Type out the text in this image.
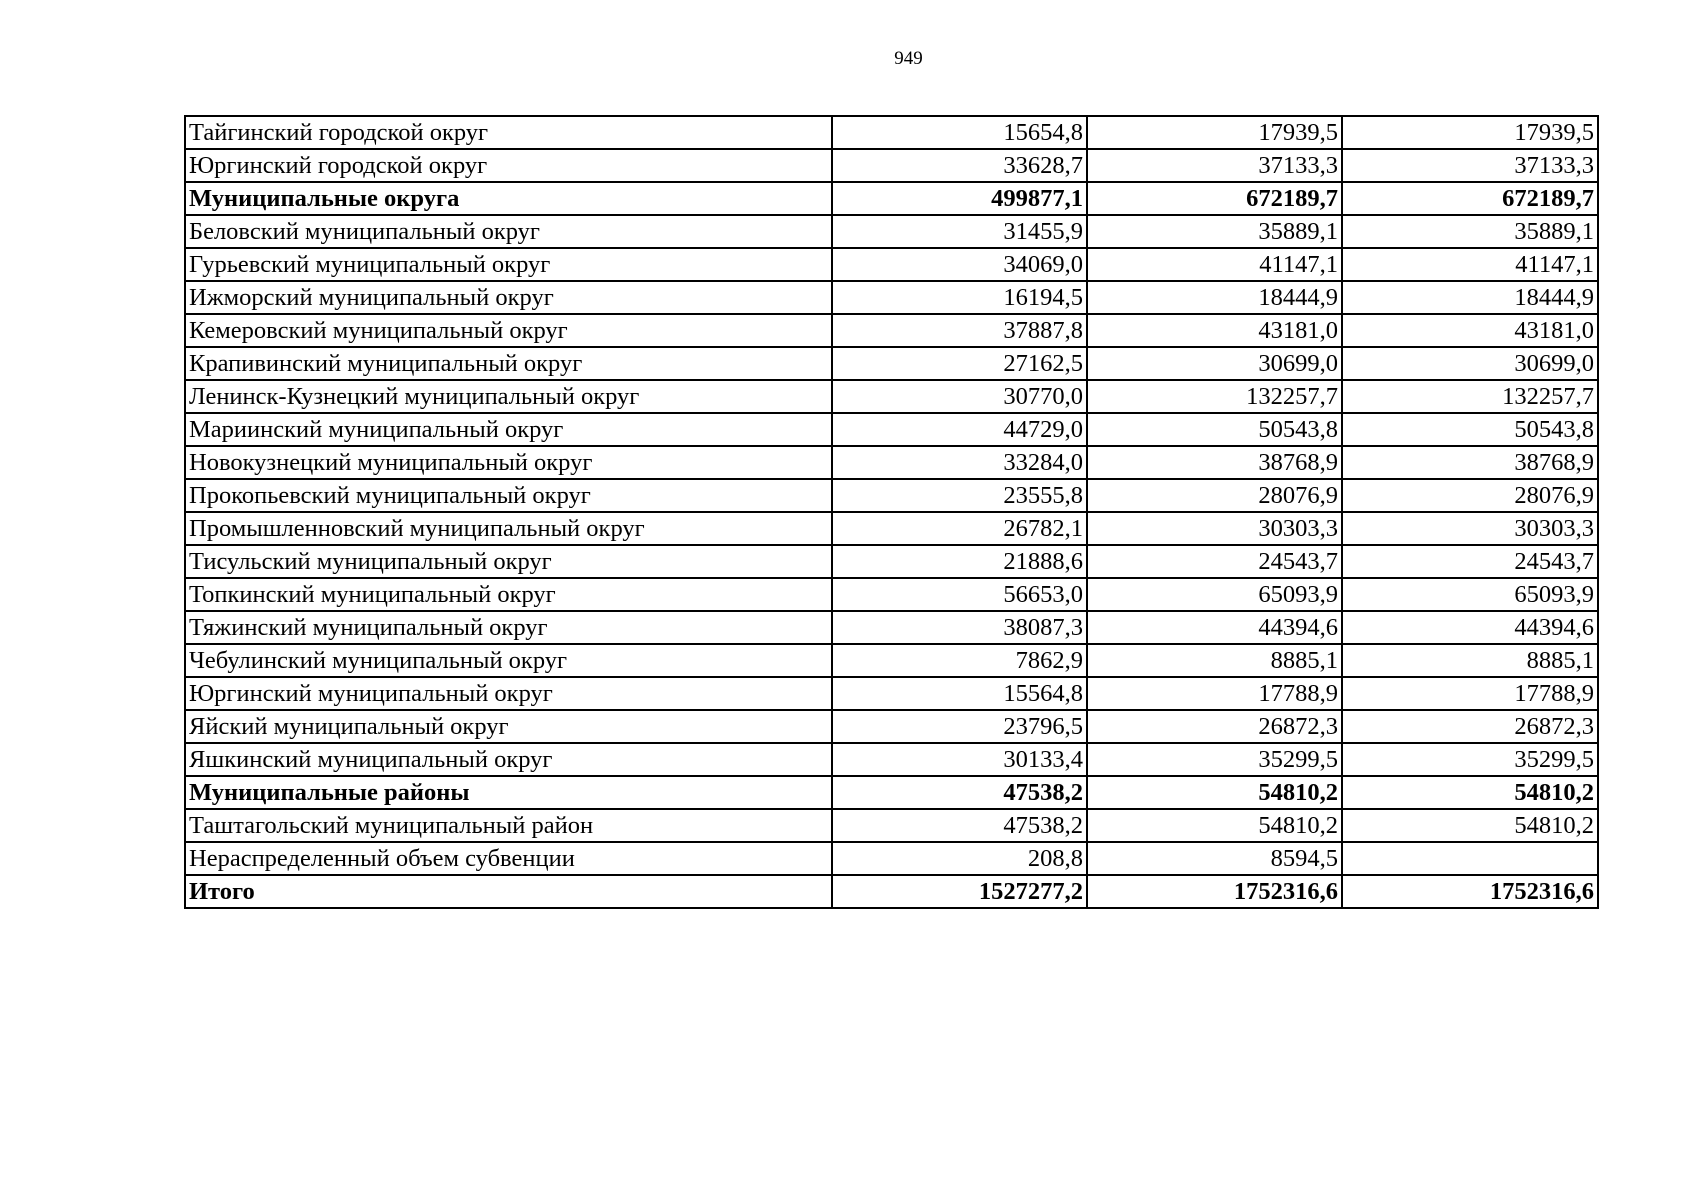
949
Тайгинский городской округ	15654,8	17939,5	17939,5
Юргинский городской округ	33628,7	37133,3	37133,3
Муниципальные округа	499877,1	672189,7	672189,7
Беловский муниципальный округ	31455,9	35889,1	35889,1
Гурьевский муниципальный округ	34069,0	41147,1	41147,1
Ижморский муниципальный округ	16194,5	18444,9	18444,9
Кемеровский муниципальный округ	37887,8	43181,0	43181,0
Крапивинский муниципальный округ	27162,5	30699,0	30699,0
Ленинск-Кузнецкий муниципальный округ	30770,0	132257,7	132257,7
Мариинский муниципальный округ	44729,0	50543,8	50543,8
Новокузнецкий муниципальный округ	33284,0	38768,9	38768,9
Прокопьевский муниципальный округ	23555,8	28076,9	28076,9
Промышленновский муниципальный округ	26782,1	30303,3	30303,3
Тисульский муниципальный округ	21888,6	24543,7	24543,7
Топкинский муниципальный округ	56653,0	65093,9	65093,9
Тяжинский муниципальный округ	38087,3	44394,6	44394,6
Чебулинский муниципальный округ	7862,9	8885,1	8885,1
Юргинский муниципальный округ	15564,8	17788,9	17788,9
Яйский муниципальный округ	23796,5	26872,3	26872,3
Яшкинский муниципальный округ	30133,4	35299,5	35299,5
Муниципальные районы	47538,2	54810,2	54810,2
Таштагольский муниципальный район	47538,2	54810,2	54810,2
Нераспределенный объем субвенции	208,8	8594,5	
Итого	1527277,2	1752316,6	1752316,6
